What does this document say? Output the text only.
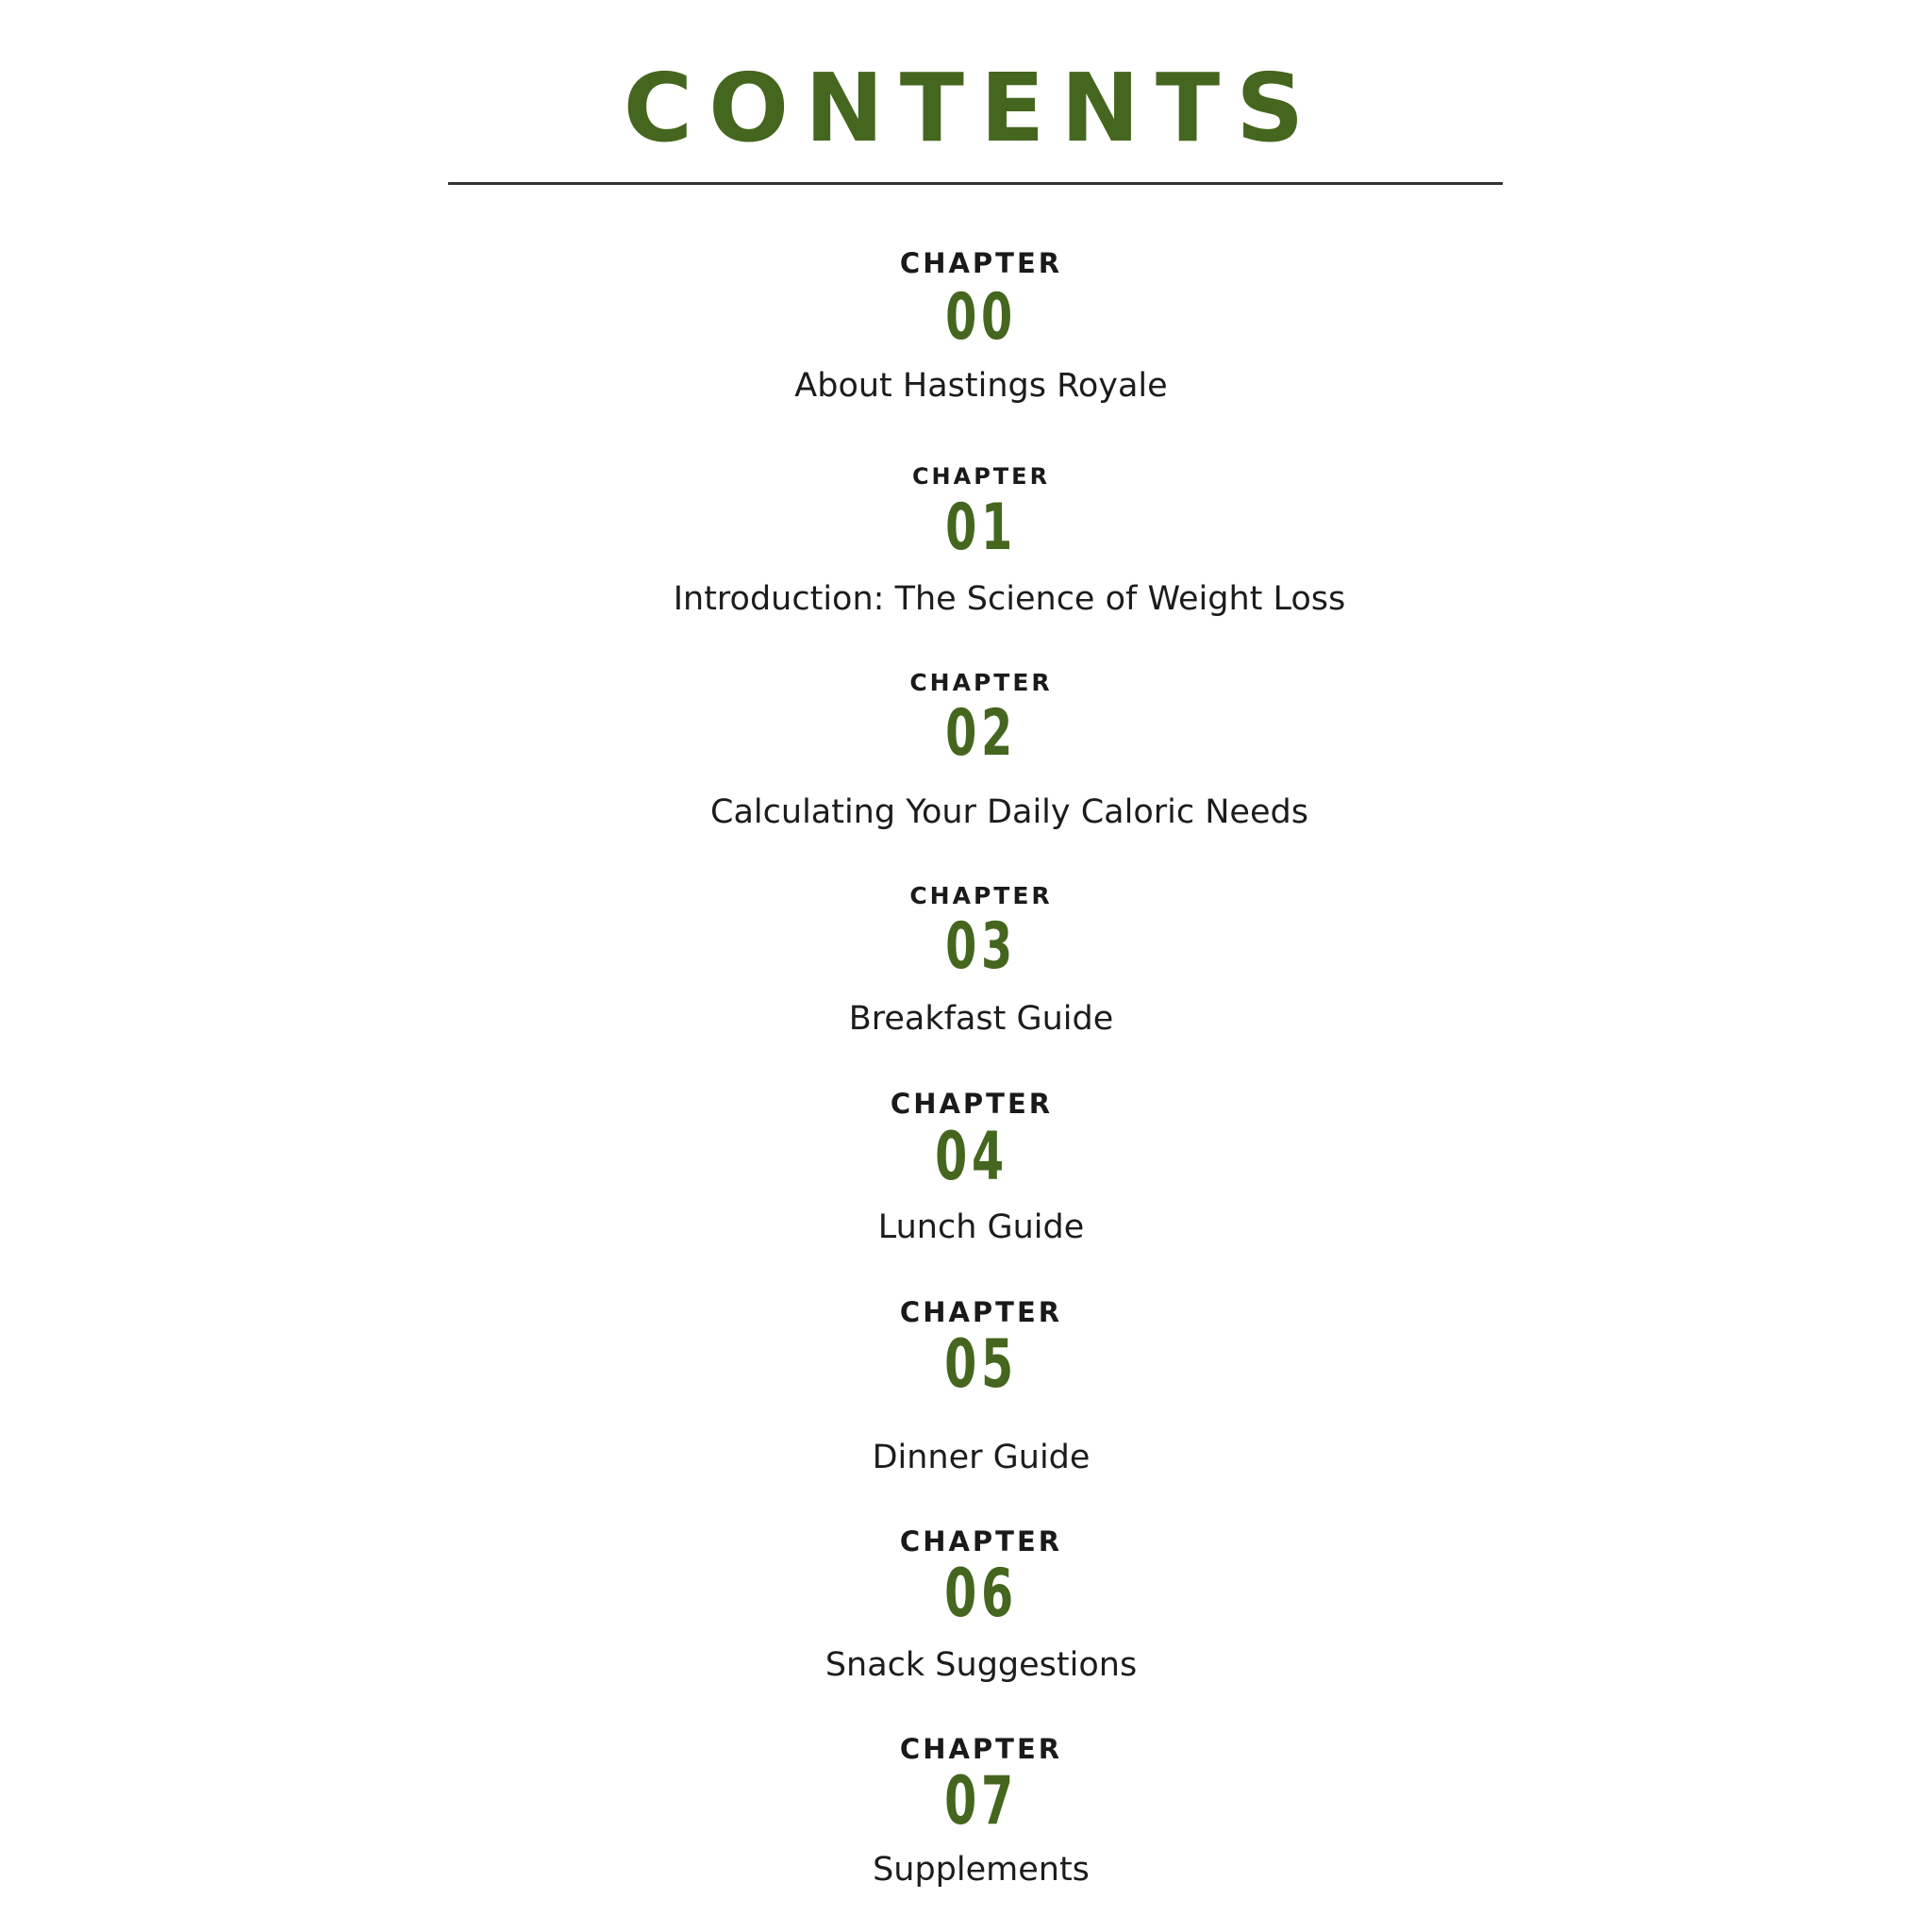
CONTENTS
CHAPTER
00
About Hastings Royale
CHAPTER
01
Introduction: The Science of Weight Loss
CHAPTER
02
Calculating Your Daily Caloric Needs
CHAPTER
03
Breakfast Guide
CHAPTER
04
Lunch Guide
CHAPTER
05
Dinner Guide
CHAPTER
06
Snack Suggestions
CHAPTER
07
Supplements
